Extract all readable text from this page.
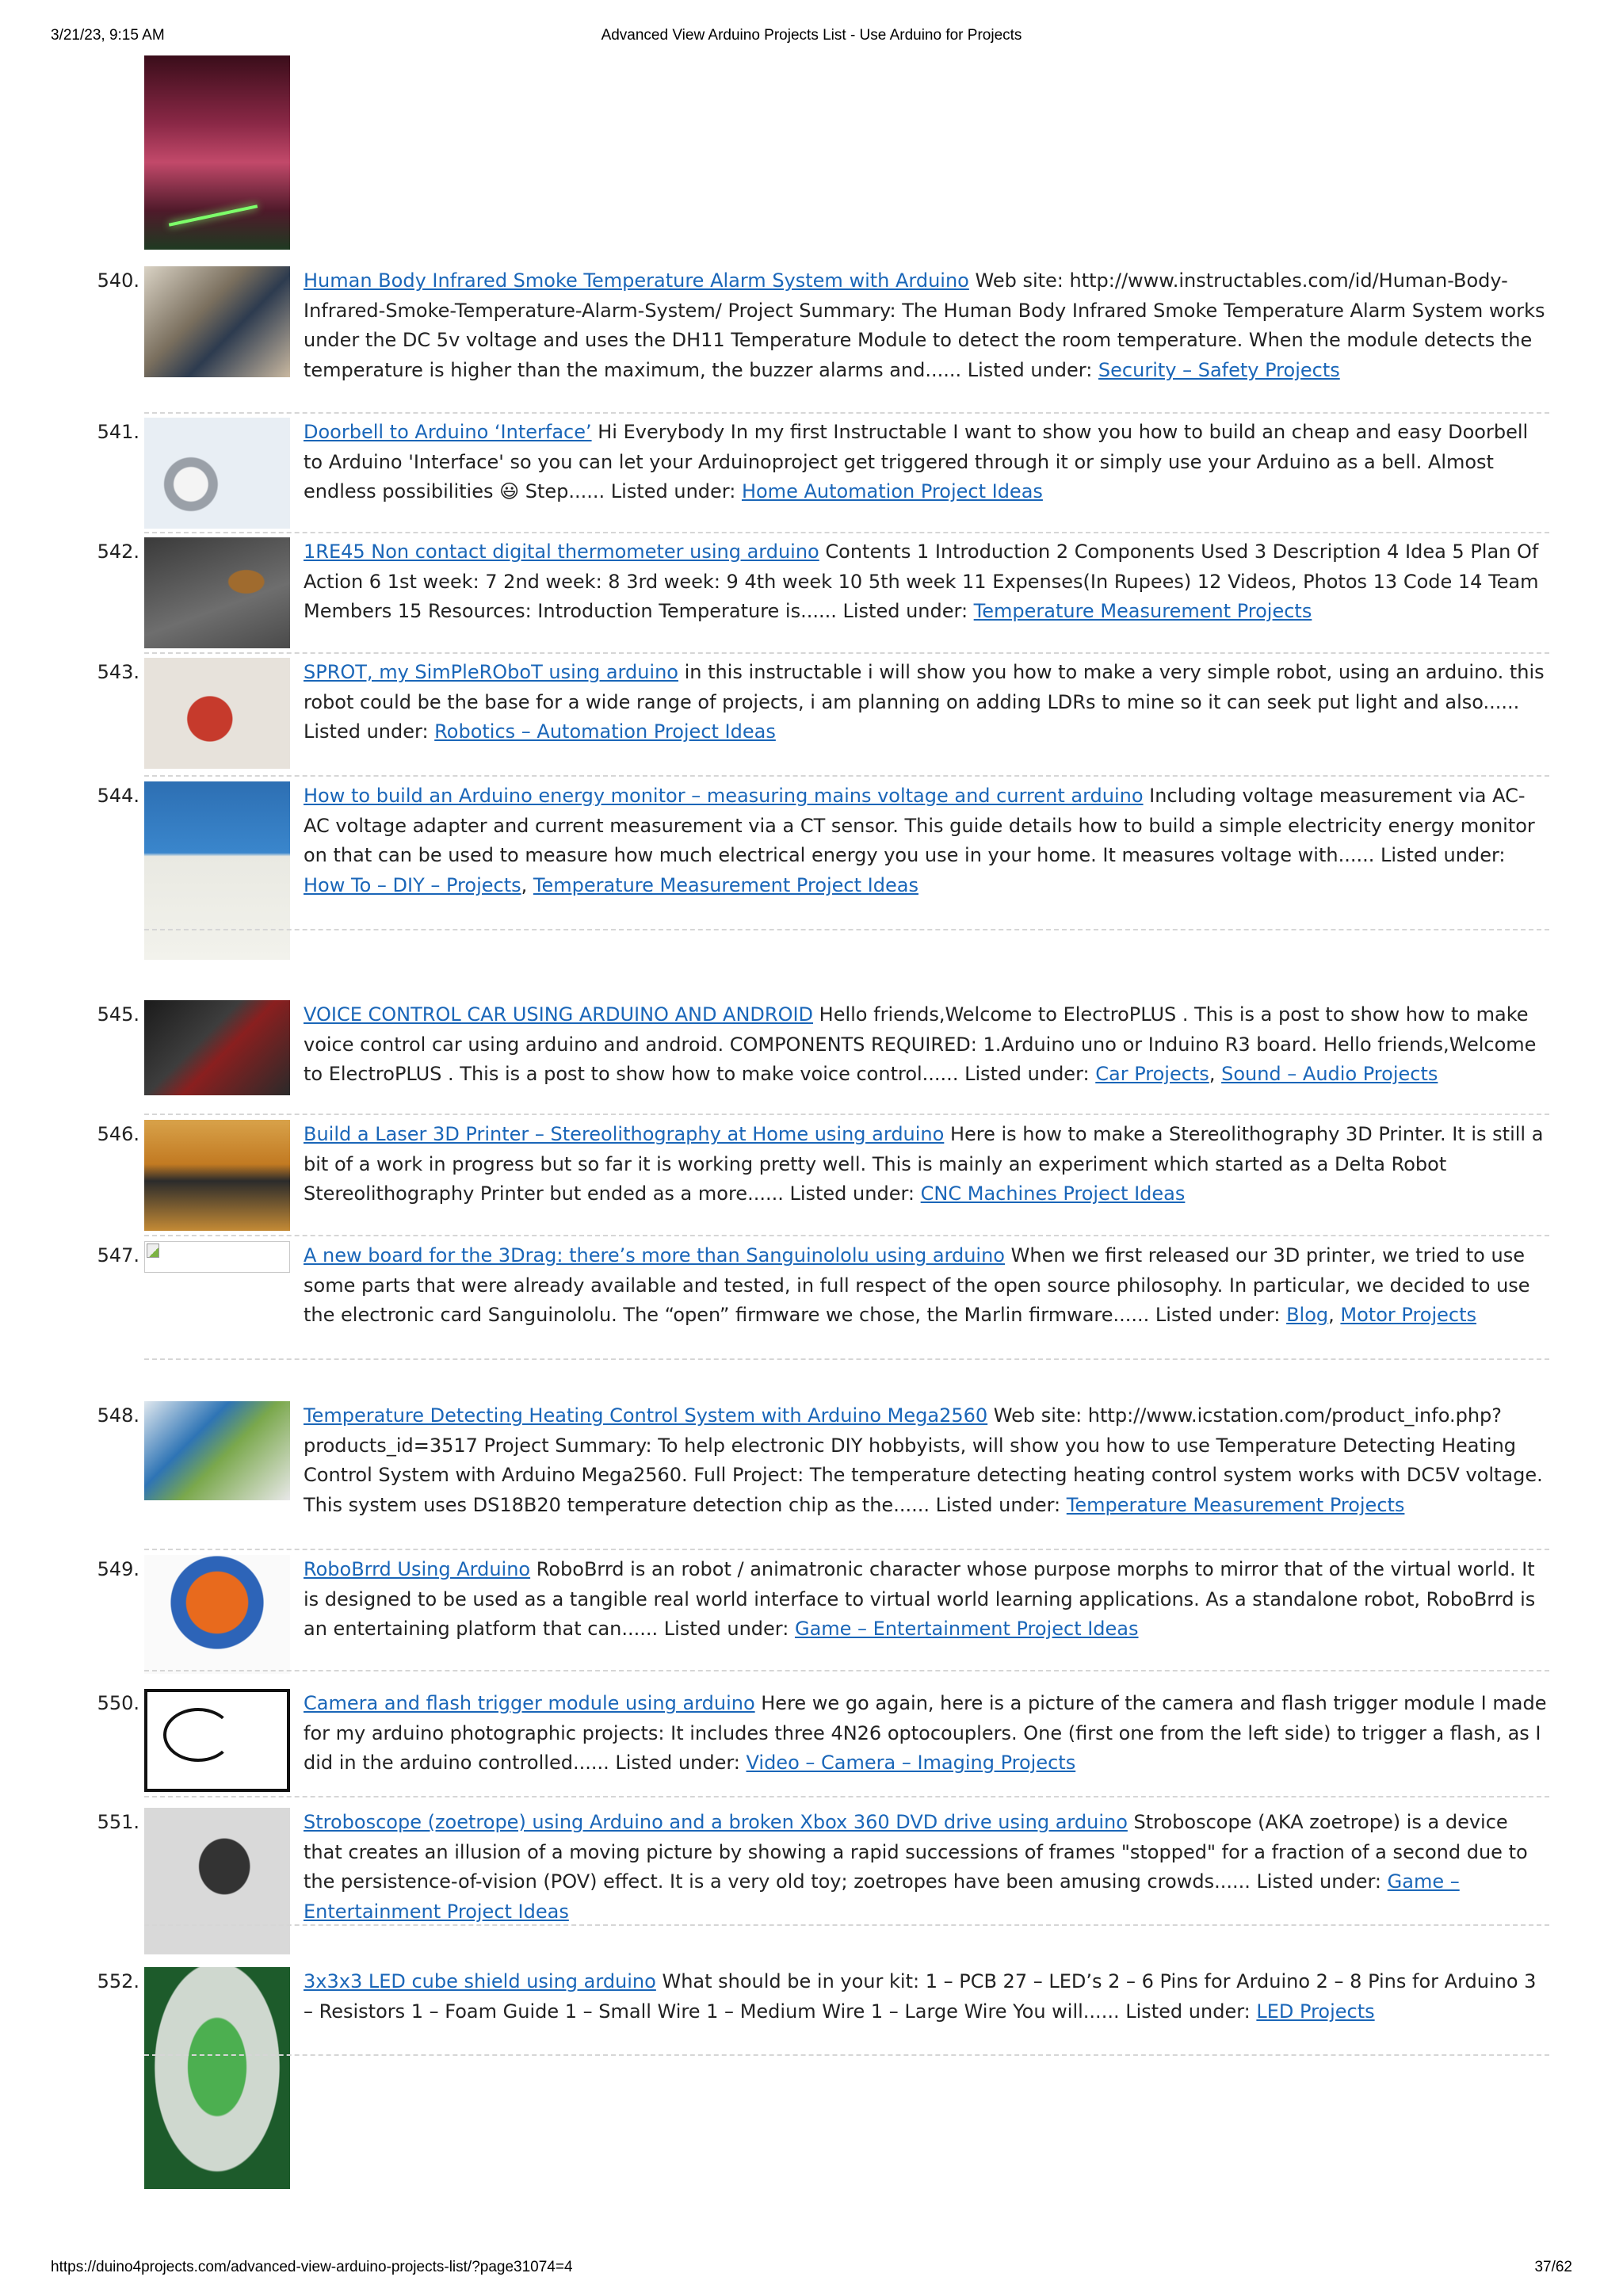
3/21/23, 9:15 AM	Advanced View Arduino Projects List - Use Arduino for Projects
540.	Human Body Infrared Smoke Temperature Alarm System with Arduino Web site: http://www.instructables.com/id/Human-Body-Infrared-Smoke-Temperature-Alarm-System/ Project Summary: The Human Body Infrared Smoke Temperature Alarm System works under the DC 5v voltage and uses the DH11 Temperature Module to detect the room temperature. When the module detects the temperature is higher than the maximum, the buzzer alarms and...... Listed under: Security – Safety Projects
541.	Doorbell to Arduino ‘Interface’ Hi Everybody In my first Instructable I want to show you how to build an cheap and easy Doorbell to Arduino 'Interface' so you can let your Arduinoproject get triggered through it or simply use your Arduino as a bell. Almost endless possibilities 😃 Step...... Listed under: Home Automation Project Ideas
542.	1RE45 Non contact digital thermometer using arduino Contents 1 Introduction 2 Components Used 3 Description 4 Idea 5 Plan Of Action 6 1st week: 7 2nd week: 8 3rd week: 9 4th week 10 5th week 11 Expenses(In Rupees) 12 Videos, Photos 13 Code 14 Team Members 15 Resources: Introduction Temperature is...... Listed under: Temperature Measurement Projects
543.	SPROT, my SimPleRObоT using arduino in this instructable i will show you how to make a very simple robot, using an arduino. this robot could be the base for a wide range of projects, i am planning on adding LDRs to mine so it can seek put light and also...... Listed under: Robotics – Automation Project Ideas
544.	How to build an Arduino energy monitor – measuring mains voltage and current arduino Including voltage measurement via AC-AC voltage adapter and current measurement via a CT sensor. This guide details how to build a simple electricity energy monitor on that can be used to measure how much electrical energy you use in your home. It measures voltage with...... Listed under: How To – DIY – Projects, Temperature Measurement Project Ideas
545.	VOICE CONTROL CAR USING ARDUINO AND ANDROID Hello friends,Welcome to ElectroPLUS . This is a post to show how to make voice control car using arduino and android. COMPONENTS REQUIRED: 1.Arduino uno or Induino R3 board. Hello friends,Welcome to ElectroPLUS . This is a post to show how to make voice control...... Listed under: Car Projects, Sound – Audio Projects
546.	Build a Laser 3D Printer – Stereolithography at Home using arduino Here is how to make a Stereolithography 3D Printer. It is still a bit of a work in progress but so far it is working pretty well. This is mainly an experiment which started as a Delta Robot Stereolithography Printer but ended as a more...... Listed under: CNC Machines Project Ideas
547.	A new board for the 3Drag: there’s more than Sanguinololu using arduino When we first released our 3D printer, we tried to use some parts that were already available and tested, in full respect of the open source philosophy. In particular, we decided to use the electronic card Sanguinololu. The “open” firmware we chose, the Marlin firmware...... Listed under: Blog, Motor Projects
548.	Temperature Detecting Heating Control System with Arduino Mega2560 Web site: http://www.icstation.com/product_info.php?products_id=3517 Project Summary: To help electronic DIY hobbyists, will show you how to use Temperature Detecting Heating Control System with Arduino Mega2560. Full Project: The temperature detecting heating control system works with DC5V voltage. This system uses DS18B20 temperature detection chip as the...... Listed under: Temperature Measurement Projects
549.	RoboBrrd Using Arduino RoboBrrd is an robot / animatronic character whose purpose morphs to mirror that of the virtual world. It is designed to be used as a tangible real world interface to virtual world learning applications. As a standalone robot, RoboBrrd is an entertaining platform that can...... Listed under: Game – Entertainment Project Ideas
550.	Camera and flash trigger module using arduino Here we go again, here is a picture of the camera and flash trigger module I made for my arduino photographic projects: It includes three 4N26 optocouplers. One (first one from the left side) to trigger a flash, as I did in the arduino controlled...... Listed under: Video – Camera – Imaging Projects
551.	Stroboscope (zoetrope) using Arduino and a broken Xbox 360 DVD drive using arduino Stroboscope (AKA zoetrope) is a device that creates an illusion of a moving picture by showing a rapid successions of frames "stopped" for a fraction of a second due to the persistence-of-vision (POV) effect. It is a very old toy; zoetropes have been amusing crowds...... Listed under: Game – Entertainment Project Ideas
552.	3x3x3 LED cube shield using arduino What should be in your kit: 1 – PCB 27 – LED’s 2 – 6 Pins for Arduino 2 – 8 Pins for Arduino 3 – Resistors 1 – Foam Guide 1 – Small Wire 1 – Medium Wire 1 – Large Wire You will...... Listed under: LED Projects
https://duino4projects.com/advanced-view-arduino-projects-list/?page31074=4	37/62
